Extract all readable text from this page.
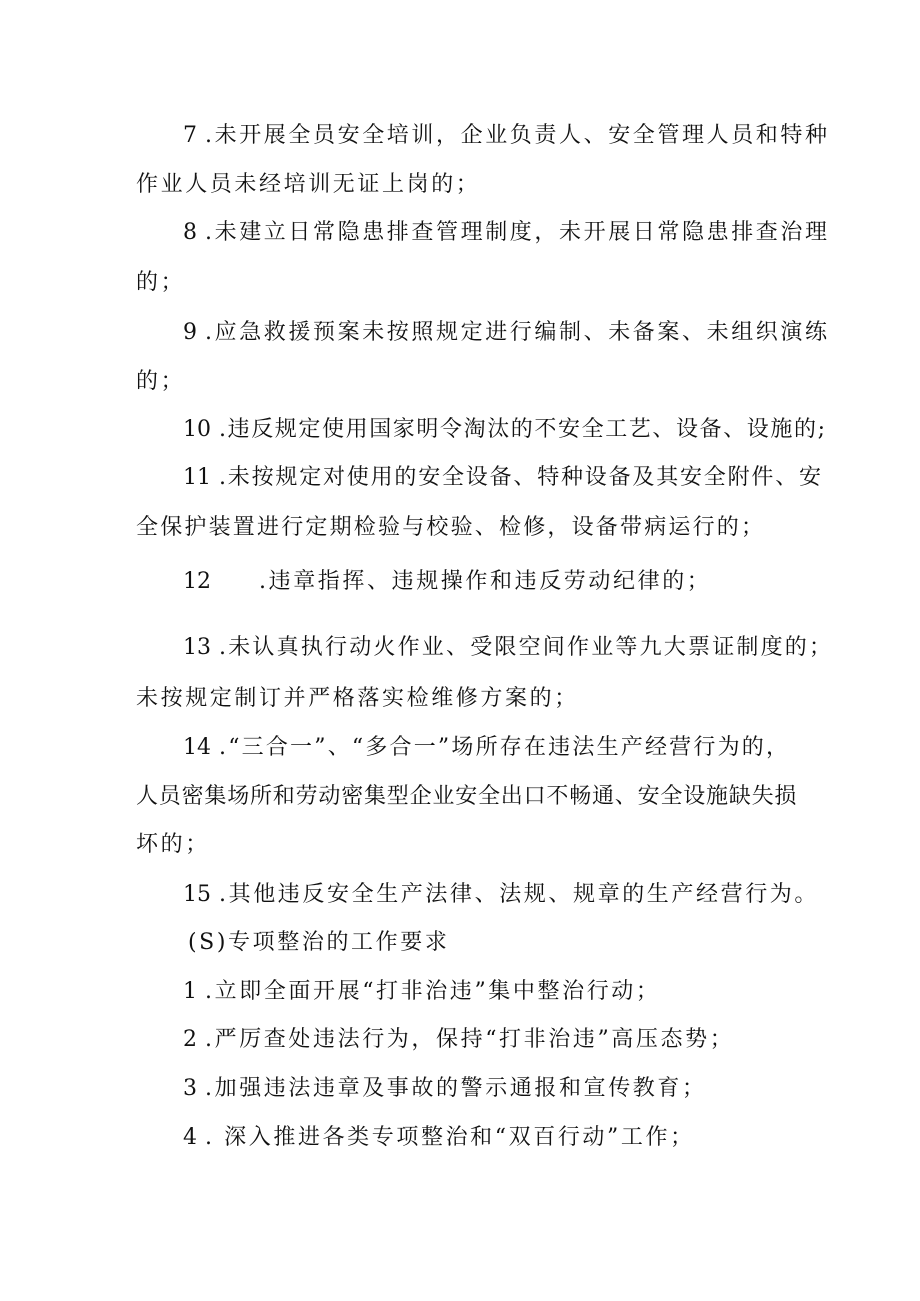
7 .未开展全员安全培训，企业负责人、安全管理人员和特种
作业人员未经培训无证上岗的；
8 .未建立日常隐患排查管理制度，未开展日常隐患排查治理
的；
9 .应急救援预案未按照规定进行编制、未备案、未组织演练
的；
10 .违反规定使用国家明令淘汰的不安全工艺、设备、设施的;
11 .未按规定对使用的安全设备、特种设备及其安全附件、安
全保护装置进行定期检验与校验、检修，设备带病运行的；
12 .违章指挥、违规操作和违反劳动纪律的；
13 .未认真执行动火作业、受限空间作业等九大票证制度的；
未按规定制订并严格落实检维修方案的；
14 .“三合一”、“多合一”场所存在违法生产经营行为的，
人员密集场所和劳动密集型企业安全出口不畅通、安全设施缺失损
坏的；
15 .其他违反安全生产法律、法规、规章的生产经营行为。
(S)专项整治的工作要求
1 .立即全面开展“打非治违”集中整治行动；
2 .严厉查处违法行为，保持“打非治违”高压态势；
3 .加强违法违章及事故的警示通报和宣传教育；
4 . 深入推进各类专项整治和“双百行动”工作；
